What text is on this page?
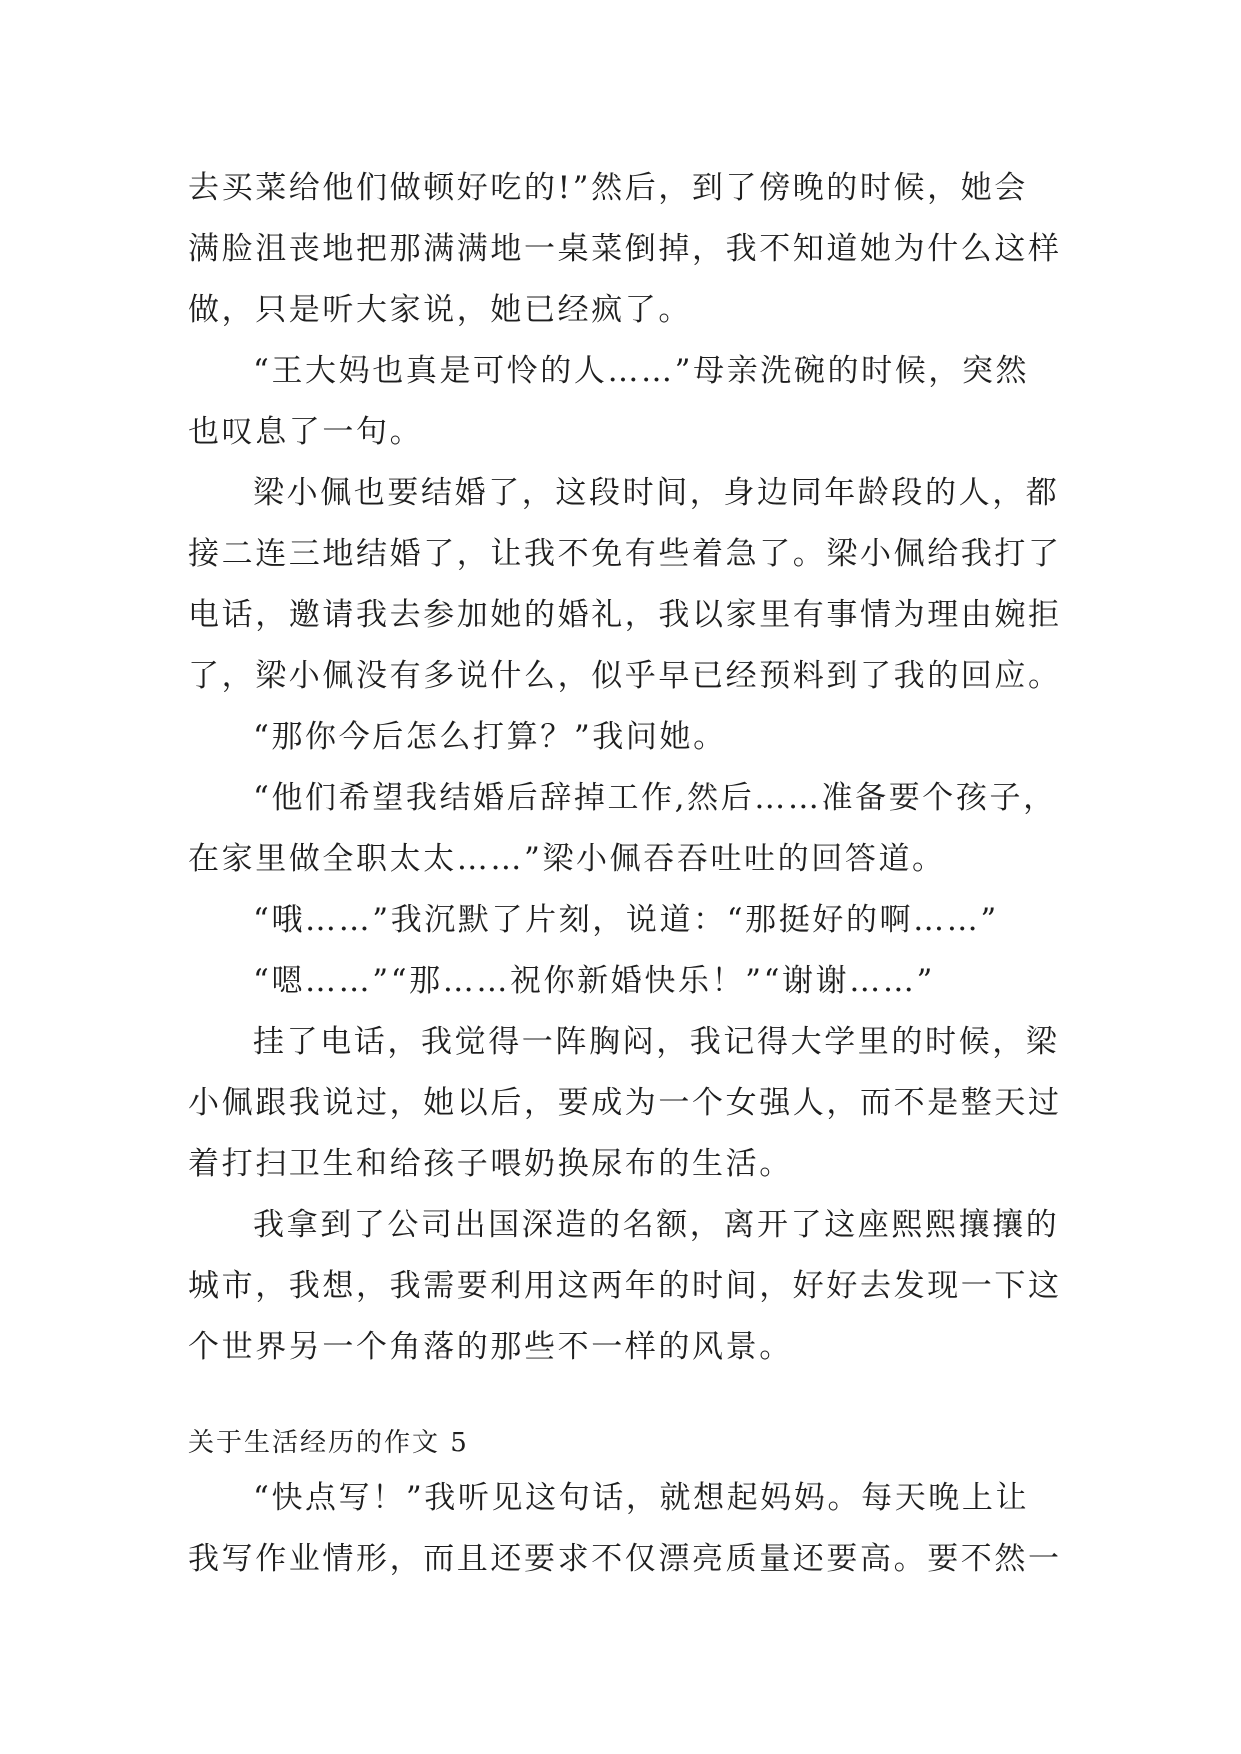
去买菜给他们做顿好吃的!”然后，到了傍晚的时候，她会
满脸沮丧地把那满满地一桌菜倒掉，我不知道她为什么这样
做，只是听大家说，她已经疯了。
“王大妈也真是可怜的人……”母亲洗碗的时候，突然
也叹息了一句。
梁小佩也要结婚了，这段时间，身边同年龄段的人，都
接二连三地结婚了，让我不免有些着急了。梁小佩给我打了
电话，邀请我去参加她的婚礼，我以家里有事情为理由婉拒
了，梁小佩没有多说什么，似乎早已经预料到了我的回应。
“那你今后怎么打算？”我问她。
“他们希望我结婚后辞掉工作,然后……准备要个孩子，
在家里做全职太太……”梁小佩吞吞吐吐的回答道。
“哦……”我沉默了片刻，说道：“那挺好的啊……”
“嗯……”“那……祝你新婚快乐！”“谢谢……”
挂了电话，我觉得一阵胸闷，我记得大学里的时候，梁
小佩跟我说过，她以后，要成为一个女强人，而不是整天过
着打扫卫生和给孩子喂奶换尿布的生活。
我拿到了公司出国深造的名额，离开了这座熙熙攘攘的
城市，我想，我需要利用这两年的时间，好好去发现一下这
个世界另一个角落的那些不一样的风景。
关于生活经历的作文 5
“快点写！”我听见这句话，就想起妈妈。每天晚上让
我写作业情形，而且还要求不仅漂亮质量还要高。要不然一
